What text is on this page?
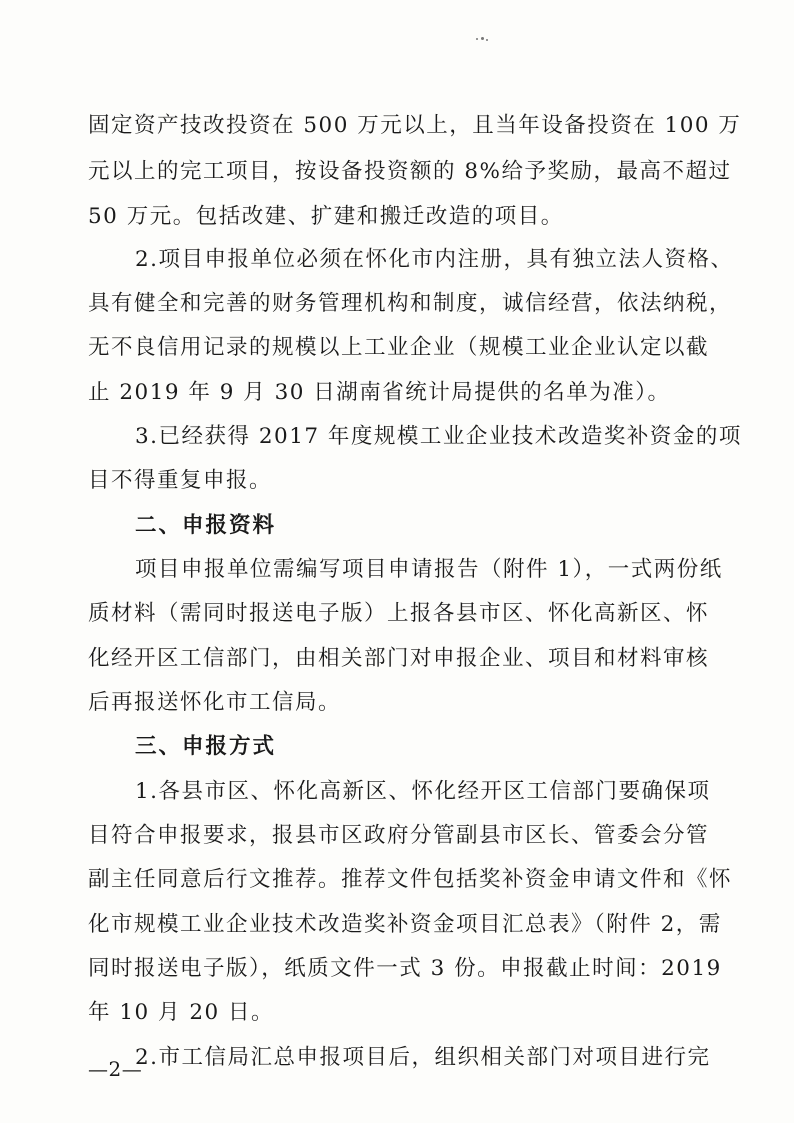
固定资产技改投资在 500 万元以上，且当年设备投资在 100 万
元以上的完工项目，按设备投资额的 8%给予奖励，最高不超过
50 万元。包括改建、扩建和搬迁改造的项目。
2.项目申报单位必须在怀化市内注册，具有独立法人资格、
具有健全和完善的财务管理机构和制度，诚信经营，依法纳税，
无不良信用记录的规模以上工业企业（规模工业企业认定以截
止 2019 年 9 月 30 日湖南省统计局提供的名单为准）。
3.已经获得 2017 年度规模工业企业技术改造奖补资金的项
目不得重复申报。
二、申报资料
项目申报单位需编写项目申请报告（附件 1），一式两份纸
质材料（需同时报送电子版）上报各县市区、怀化高新区、怀
化经开区工信部门，由相关部门对申报企业、项目和材料审核
后再报送怀化市工信局。
三、申报方式
1.各县市区、怀化高新区、怀化经开区工信部门要确保项
目符合申报要求，报县市区政府分管副县市区长、管委会分管
副主任同意后行文推荐。推荐文件包括奖补资金申请文件和《怀
化市规模工业企业技术改造奖补资金项目汇总表》（附件 2，需
同时报送电子版），纸质文件一式 3 份。申报截止时间：2019
年 10 月 20 日。
2.市工信局汇总申报项目后，组织相关部门对项目进行完
—2—
